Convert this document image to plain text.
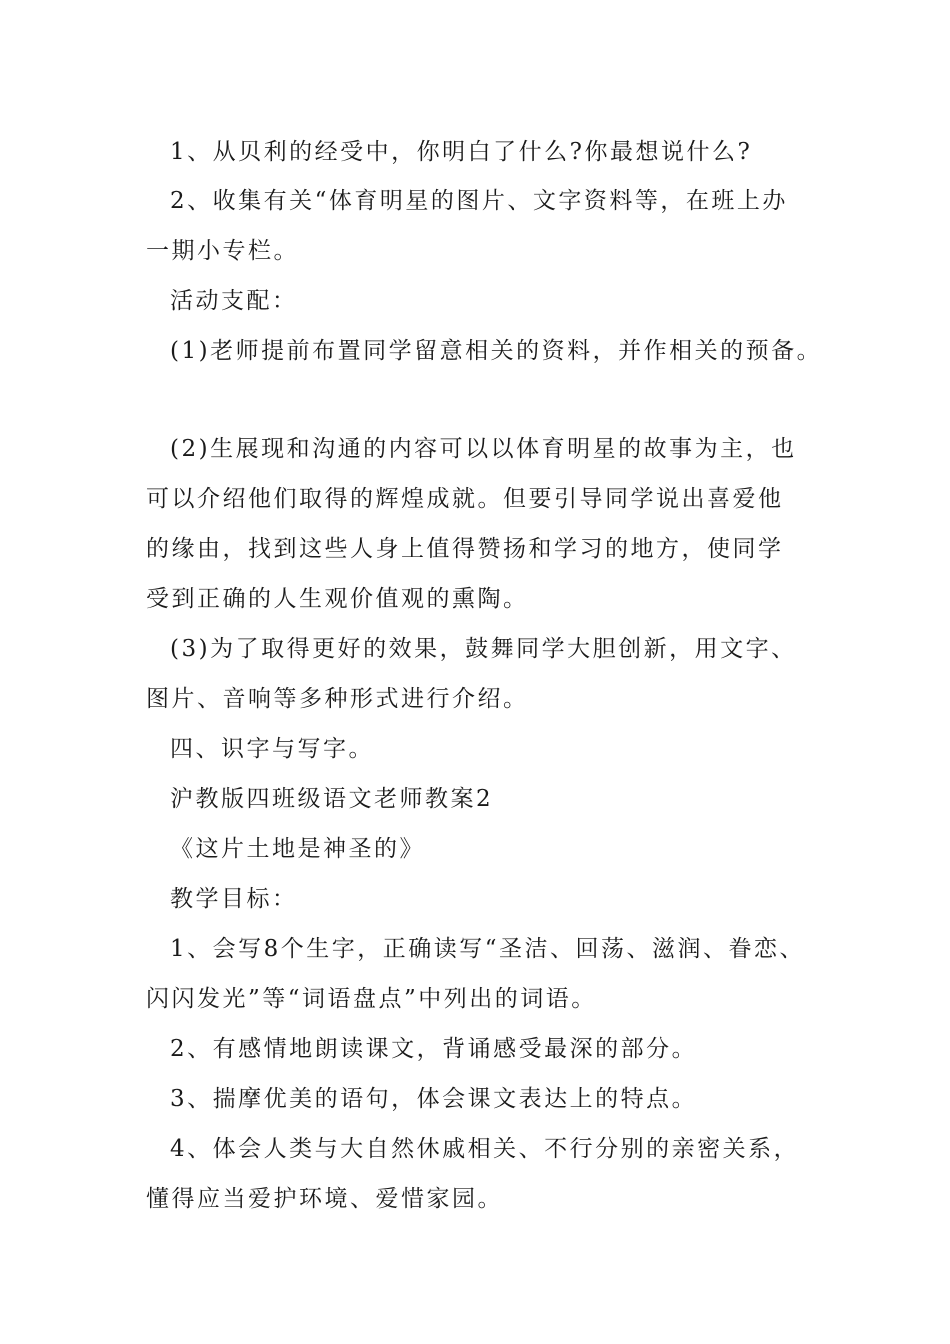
1、从贝利的经受中，你明白了什么?你最想说什么?
2、收集有关“体育明星的图片、文字资料等，在班上办
一期小专栏。
活动支配：
(1)老师提前布置同学留意相关的资料，并作相关的预备。
(2)生展现和沟通的内容可以以体育明星的故事为主，也
可以介绍他们取得的辉煌成就。但要引导同学说出喜爱他
的缘由，找到这些人身上值得赞扬和学习的地方，使同学
受到正确的人生观价值观的熏陶。
(3)为了取得更好的效果，鼓舞同学大胆创新，用文字、
图片、音响等多种形式进行介绍。
四、识字与写字。
沪教版四班级语文老师教案2
《这片土地是神圣的》
教学目标：
1、会写8个生字，正确读写“圣洁、回荡、滋润、眷恋、
闪闪发光”等“词语盘点”中列出的词语。
2、有感情地朗读课文，背诵感受最深的部分。
3、揣摩优美的语句，体会课文表达上的特点。
4、体会人类与大自然休戚相关、不行分别的亲密关系，
懂得应当爱护环境、爱惜家园。
